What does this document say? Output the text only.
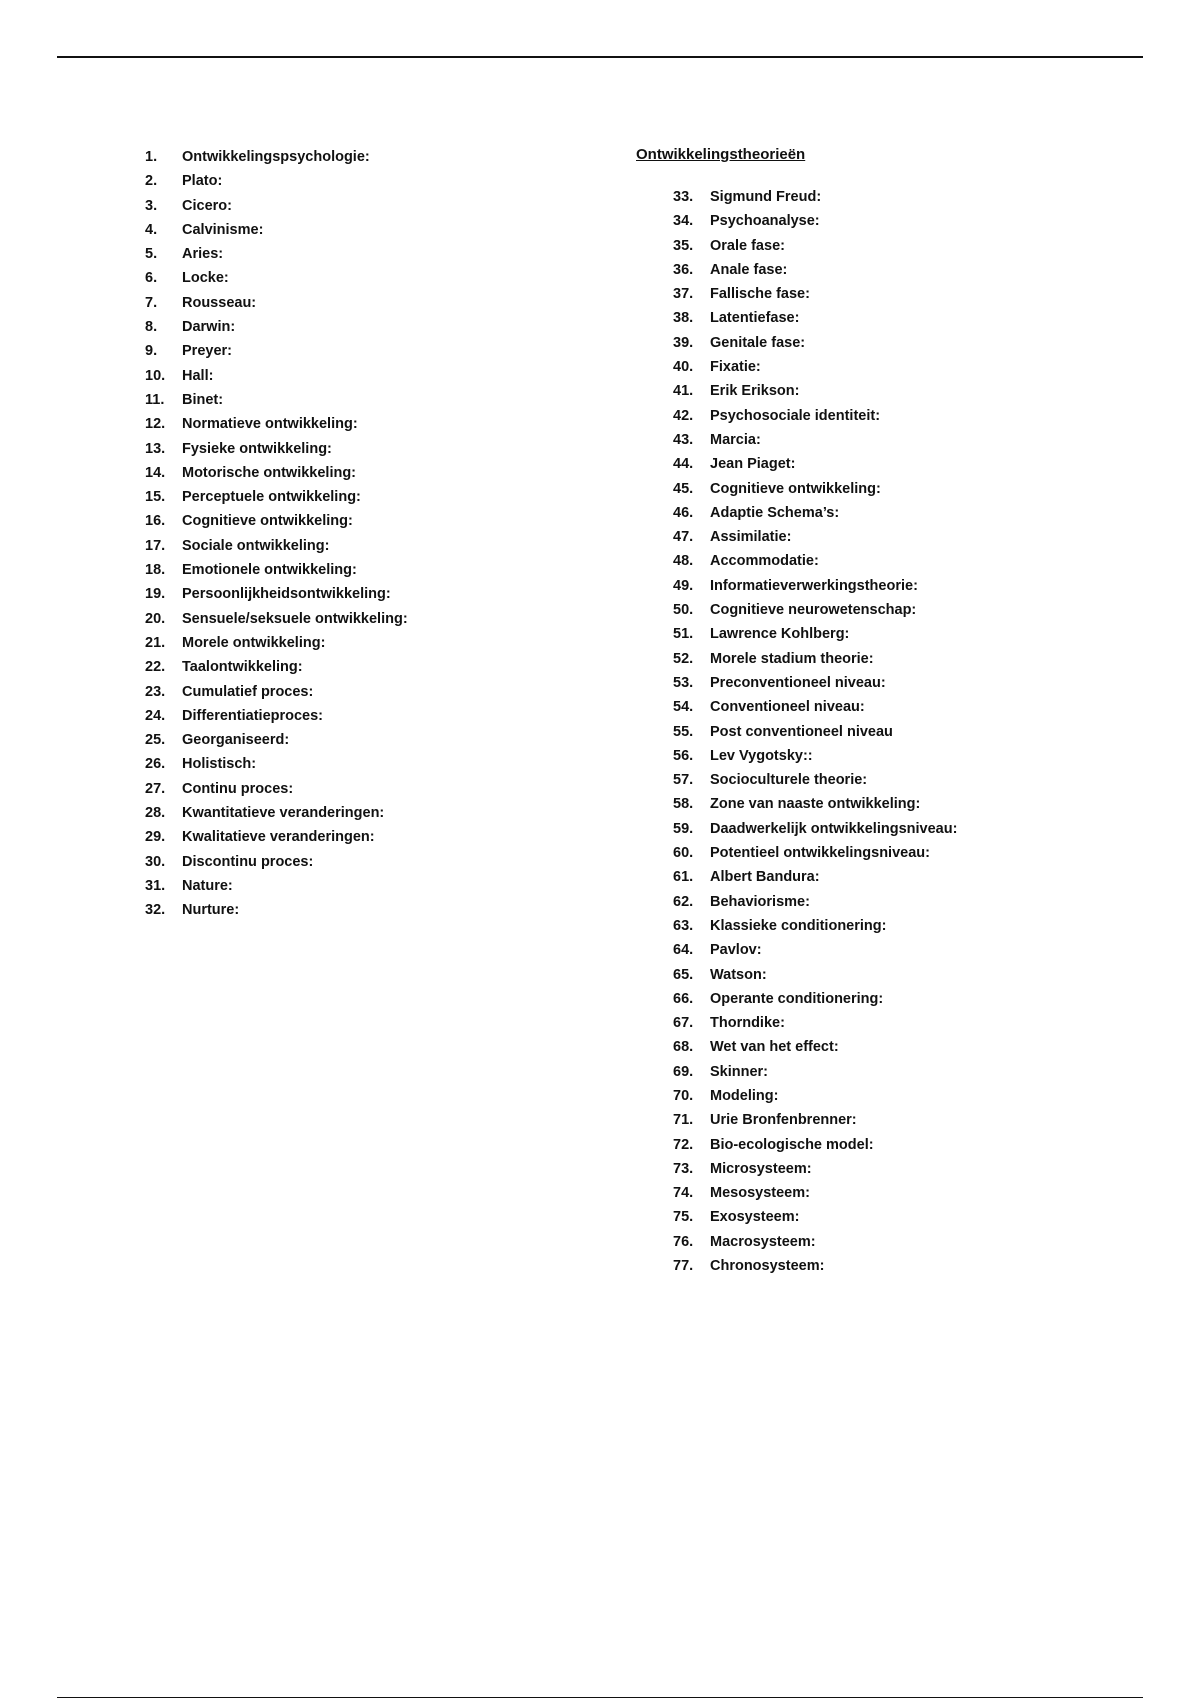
1.	Ontwikkelingspsychologie:
2.	Plato:
3.	Cicero:
4.	Calvinisme:
5.	Aries:
6.	Locke:
7.	Rousseau:
8.	Darwin:
9.	Preyer:
10.	Hall:
11.	Binet:
12.	Normatieve ontwikkeling:
13.	Fysieke ontwikkeling:
14.	Motorische ontwikkeling:
15.	Perceptuele ontwikkeling:
16.	Cognitieve ontwikkeling:
17.	Sociale ontwikkeling:
18.	Emotionele ontwikkeling:
19.	Persoonlijkheidsontwikkeling:
20.	Sensuele/seksuele ontwikkeling:
21.	Morele ontwikkeling:
22.	Taalontwikkeling:
23.	Cumulatief proces:
24.	Differentiatieproces:
25.	Georganiseerd:
26.	Holistisch:
27.	Continu proces:
28.	Kwantitatieve veranderingen:
29.	Kwalitatieve veranderingen:
30.	Discontinu proces:
31.	Nature:
32.	Nurture:
Ontwikkelingstheorieën
33.	Sigmund Freud:
34.	Psychoanalyse:
35.	Orale fase:
36.	Anale fase:
37.	Fallische fase:
38.	Latentiefase:
39.	Genitale fase:
40.	Fixatie:
41.	Erik Erikson:
42.	Psychosociale identiteit:
43.	Marcia:
44.	Jean Piaget:
45.	Cognitieve ontwikkeling:
46.	Adaptie Schema’s:
47.	Assimilatie:
48.	Accommodatie:
49.	Informatieverwerkingstheorie:
50.	Cognitieve neurowetenschap:
51.	Lawrence Kohlberg:
52.	Morele stadium theorie:
53.	Preconventioneel niveau:
54.	Conventioneel niveau:
55.	Post conventioneel niveau
56.	Lev Vygotsky::
57.	Socioculturele theorie:
58.	Zone van naaste ontwikkeling:
59.	Daadwerkelijk ontwikkelingsniveau:
60.	Potentieel ontwikkelingsniveau:
61.	Albert Bandura:
62.	Behaviorisme:
63.	Klassieke conditionering:
64.	Pavlov:
65.	Watson:
66.	Operante conditionering:
67.	Thorndike:
68.	Wet van het effect:
69.	Skinner:
70.	Modeling:
71.	Urie Bronfenbrenner:
72.	Bio-ecologische model:
73.	Microsysteem:
74.	Mesosysteem:
75.	Exosysteem:
76.	Macrosysteem:
77.	Chronosysteem:
